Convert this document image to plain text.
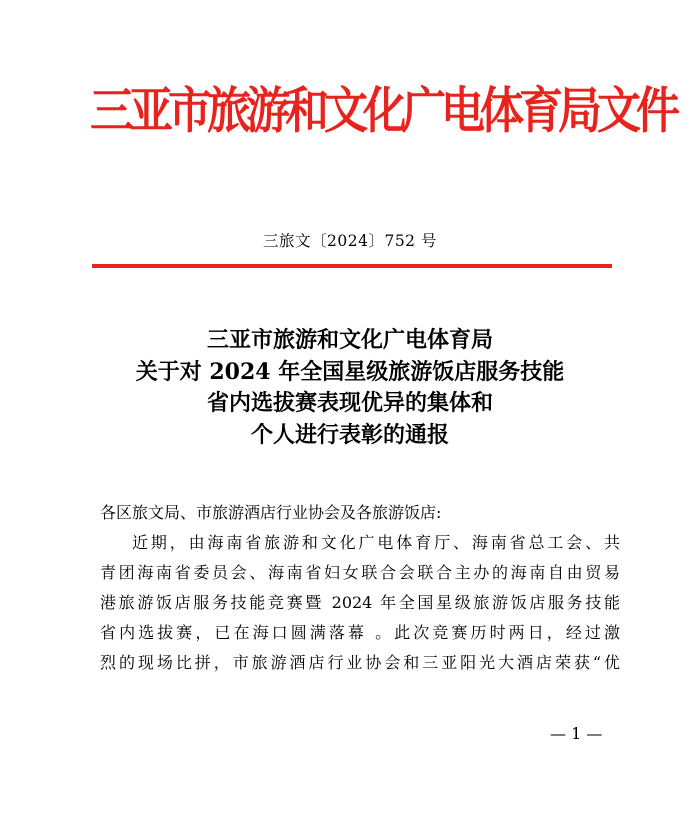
三亚市旅游和文化广电体育局文件
三旅文〔2024〕752 号
三亚市旅游和文化广电体育局
关于对 2024 年全国星级旅游饭店服务技能
省内选拔赛表现优异的集体和
个人进行表彰的通报
各区旅文局、市旅游酒店行业协会及各旅游饭店:
近期，由海南省旅游和文化广电体育厅、海南省总工会、共
青团海南省委员会、海南省妇女联合会联合主办的海南自由贸易
港旅游饭店服务技能竞赛暨 2024 年全国星级旅游饭店服务技能
省内选拔赛，已在海口圆满落幕 。此次竞赛历时两日，经过激
烈的现场比拼，市旅游酒店行业协会和三亚阳光大酒店荣获“优
— 1 —
